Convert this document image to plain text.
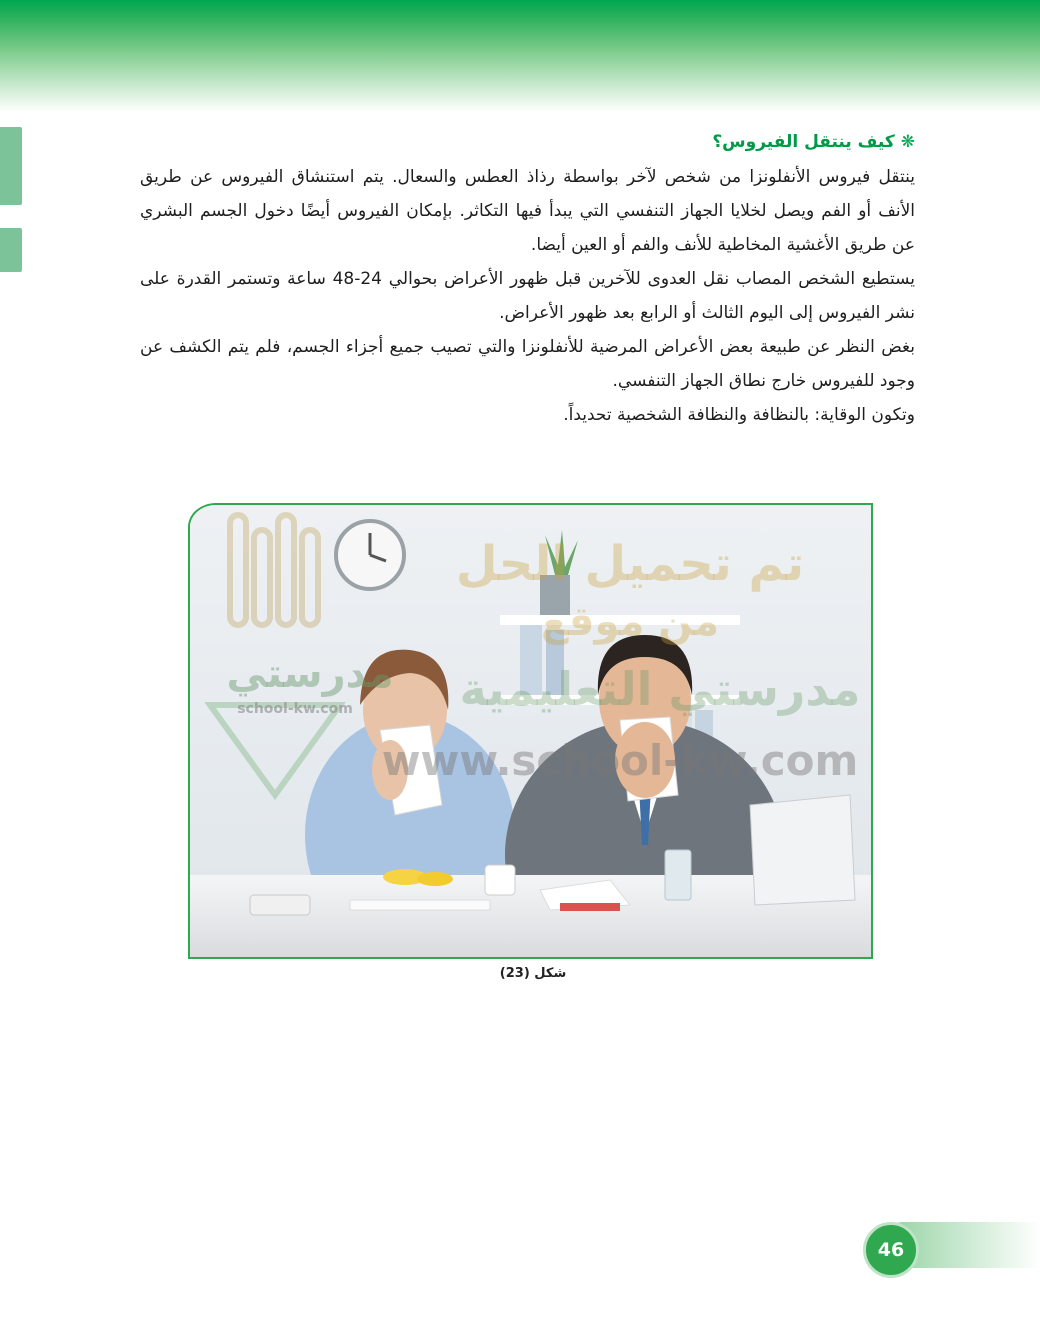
❋كيف ينتقل الفيروس؟

ينتقل فيروس الأنفلونزا من شخص لآخر بواسطة رذاذ العطس والسعال. يتم استنشاق الفيروس عن طريق الأنف أو الفم ويصل لخلايا الجهاز التنفسي التي يبدأ فيها التكاثر. بإمكان الفيروس أيضًا دخول الجسم البشري عن طريق الأغشية المخاطية للأنف والفم أو العين أيضا.

يستطيع الشخص المصاب نقل العدوى للآخرين قبل ظهور الأعراض بحوالي 24-48 ساعة وتستمر القدرة على نشر الفيروس إلى اليوم الثالث أو الرابع بعد ظهور الأعراض.

بغض النظر عن طبيعة بعض الأعراض المرضية للأنفلونزا والتي تصيب جميع أجزاء الجسم، فلم يتم الكشف عن وجود للفيروس خارج نطاق الجهاز التنفسي.

وتكون الوقاية: بالنظافة والنظافة الشخصية تحديداً.

مدرستي
school-kw.com
تم تحميل الحل
من موقع
مدرستي التعليمية
www.school-kw.com
شكل (23)
46
